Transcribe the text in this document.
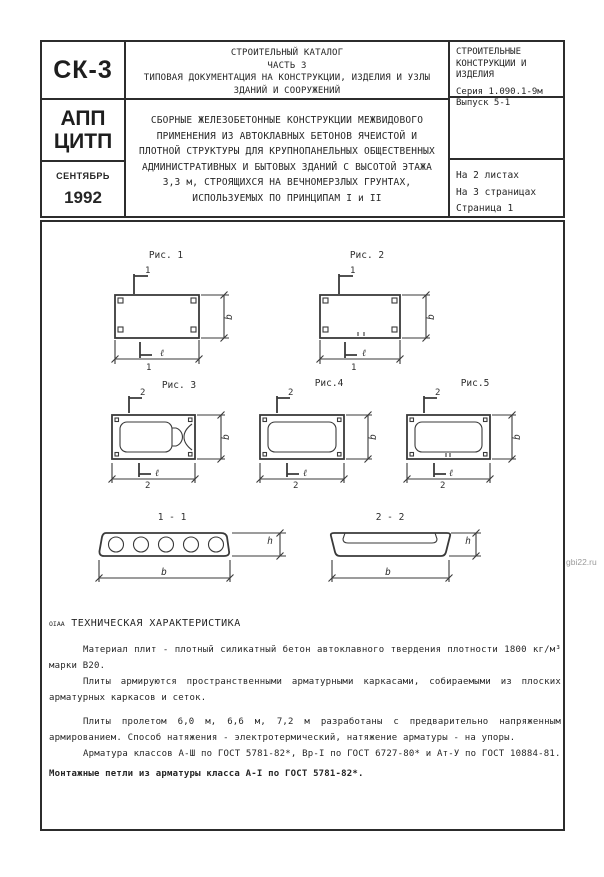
СК-3
АПП
ЦИТП
СЕНТЯБРЬ
1992
СТРОИТЕЛЬНЫЙ КАТАЛОГ
ЧАСТЬ 3
ТИПОВАЯ ДОКУМЕНТАЦИЯ НА КОНСТРУКЦИИ, ИЗДЕЛИЯ И УЗЛЫ
ЗДАНИЙ И СООРУЖЕНИЙ
СБОРНЫЕ ЖЕЛЕЗОБЕТОННЫЕ КОНСТРУКЦИИ МЕЖВИДОВОГО
ПРИМЕНЕНИЯ ИЗ АВТОКЛАВНЫХ БЕТОНОВ ЯЧЕИСТОЙ И
ПЛОТНОЙ СТРУКТУРЫ ДЛЯ КРУПНОПАНЕЛЬНЫХ ОБЩЕСТВЕННЫХ
АДМИНИСТРАТИВНЫХ И БЫТОВЫХ ЗДАНИЙ С ВЫСОТОЙ ЭТАЖА
3,3 м, СТРОЯЩИХСЯ НА ВЕЧНОМЕРЗЛЫХ ГРУНТАХ,
ИСПОЛЬЗУЕМЫХ ПО ПРИНЦИПАМ I и II
СТРОИТЕЛЬНЫЕ
КОНСТРУКЦИИ И
ИЗДЕЛИЯ
Серия 1.090.1-9м
Выпуск 5-1
На 2 листах
На 3 страницах
Страница 1
Рис. 1
1
1
b
ℓ
Рис. 2
1
1
b
ℓ
Рис. 3
2
2
b
ℓ
Рис.4
2
2
b
ℓ
Рис.5
2
2
b
ℓ
1 - 1
b
h
2 - 2
b
h
ОIАА ТЕХНИЧЕСКАЯ ХАРАКТЕРИСТИКА

Материал плит - плотный силикатный бетон автоклавного твердения плотности 1800 кг/м³ марки В20.

Плиты армируются пространственными арматурными каркасами, собираемыми из плоских арматурных каркасов и сеток.

Плиты пролетом 6,0 м, 6,6 м, 7,2 м разработаны с предварительно напряженным армированием. Способ натяжения - электротермический, натяжение арматуры - на упоры.

Арматура классов А-Ш по ГОСТ 5781-82*, Вр-I по ГОСТ 6727-80* и Ат-У по ГОСТ 10884-81.

Монтажные петли из арматуры класса А-I по ГОСТ 5781-82*.

gbi22.ru
